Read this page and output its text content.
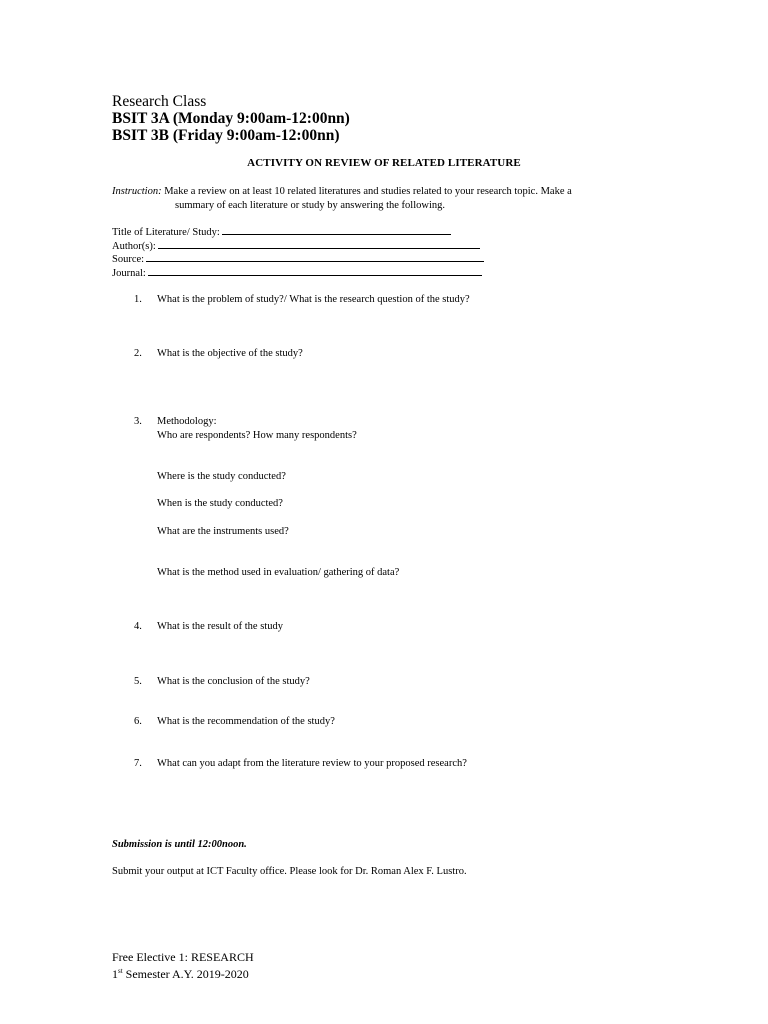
Research Class
BSIT 3A (Monday 9:00am-12:00nn)
BSIT 3B (Friday 9:00am-12:00nn)
ACTIVITY ON REVIEW OF RELATED LITERATURE
Instruction: Make a review on at least 10 related literatures and studies related to your research topic. Make a
summary of each literature or study by answering the following.
Title of Literature/ Study:
Author(s):
Source:
Journal:
1. What is the problem of study?/ What is the research question of the study?
2. What is the objective of the study?
3. Methodology:
Who are respondents? How many respondents?
Where is the study conducted?
When is the study conducted?
What are the instruments used?
What is the method used in evaluation/ gathering of data?
4. What is the result of the study
5. What is the conclusion of the study?
6. What is the recommendation of the study?
7. What can you adapt from the literature review to your proposed research?
Submission is until 12:00noon.
Submit your output at ICT Faculty office. Please look for Dr. Roman Alex F. Lustro.
Free Elective 1: RESEARCH
1st Semester A.Y. 2019-2020
